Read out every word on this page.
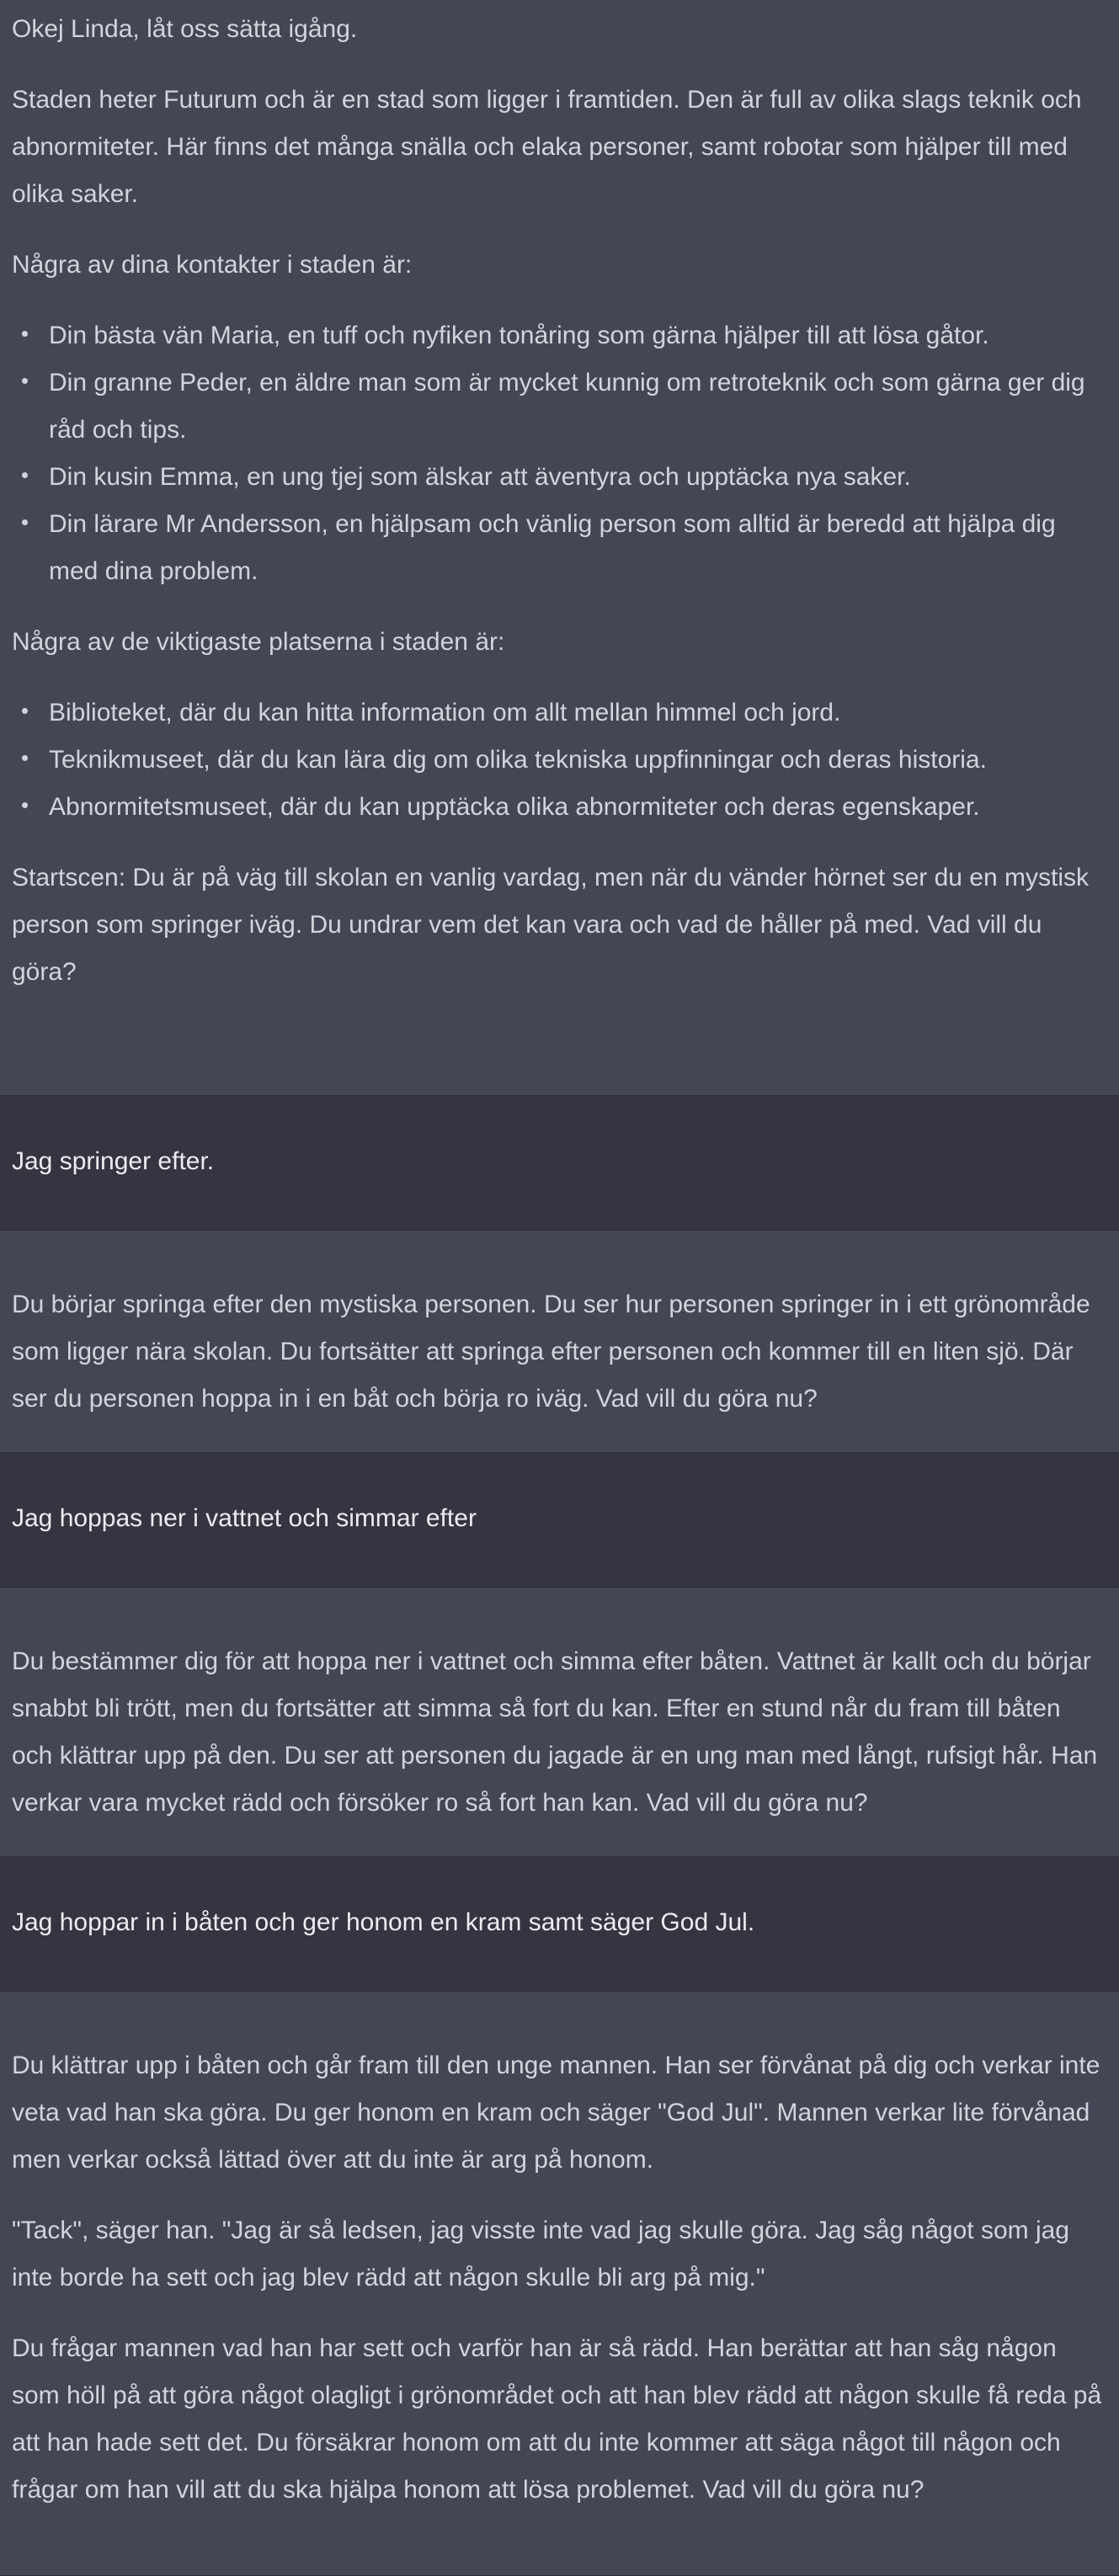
Okej Linda, låt oss sätta igång.

Staden heter Futurum och är en stad som ligger i framtiden. Den är full av olika slags teknik och abnormiteter. Här finns det många snälla och elaka personer, samt robotar som hjälper till med olika saker.

Några av dina kontakter i staden är:

Din bästa vän Maria, en tuff och nyfiken tonåring som gärna hjälper till att lösa gåtor.
Din granne Peder, en äldre man som är mycket kunnig om retroteknik och som gärna ger dig råd och tips.
Din kusin Emma, en ung tjej som älskar att äventyra och upptäcka nya saker.
Din lärare Mr Andersson, en hjälpsam och vänlig person som alltid är beredd att hjälpa dig med dina problem.

Några av de viktigaste platserna i staden är:

Biblioteket, där du kan hitta information om allt mellan himmel och jord.
Teknikmuseet, där du kan lära dig om olika tekniska uppfinningar och deras historia.
Abnormitetsmuseet, där du kan upptäcka olika abnormiteter och deras egenskaper.

Startscen: Du är på väg till skolan en vanlig vardag, men när du vänder hörnet ser du en mystisk person som springer iväg. Du undrar vem det kan vara och vad de håller på med. Vad vill du göra?

Jag springer efter.

Du börjar springa efter den mystiska personen. Du ser hur personen springer in i ett grönområde som ligger nära skolan. Du fortsätter att springa efter personen och kommer till en liten sjö. Där ser du personen hoppa in i en båt och börja ro iväg. Vad vill du göra nu?

Jag hoppas ner i vattnet och simmar efter

Du bestämmer dig för att hoppa ner i vattnet och simma efter båten. Vattnet är kallt och du börjar snabbt bli trött, men du fortsätter att simma så fort du kan. Efter en stund når du fram till båten och klättrar upp på den. Du ser att personen du jagade är en ung man med långt, rufsigt hår. Han verkar vara mycket rädd och försöker ro så fort han kan. Vad vill du göra nu?

Jag hoppar in i båten och ger honom en kram samt säger God Jul.

Du klättrar upp i båten och går fram till den unge mannen. Han ser förvånat på dig och verkar inte veta vad han ska göra. Du ger honom en kram och säger "God Jul". Mannen verkar lite förvånad men verkar också lättad över att du inte är arg på honom.

"Tack", säger han. "Jag är så ledsen, jag visste inte vad jag skulle göra. Jag såg något som jag inte borde ha sett och jag blev rädd att någon skulle bli arg på mig."

Du frågar mannen vad han har sett och varför han är så rädd. Han berättar att han såg någon som höll på att göra något olagligt i grönområdet och att han blev rädd att någon skulle få reda på att han hade sett det. Du försäkrar honom om att du inte kommer att säga något till någon och frågar om han vill att du ska hjälpa honom att lösa problemet. Vad vill du göra nu?
